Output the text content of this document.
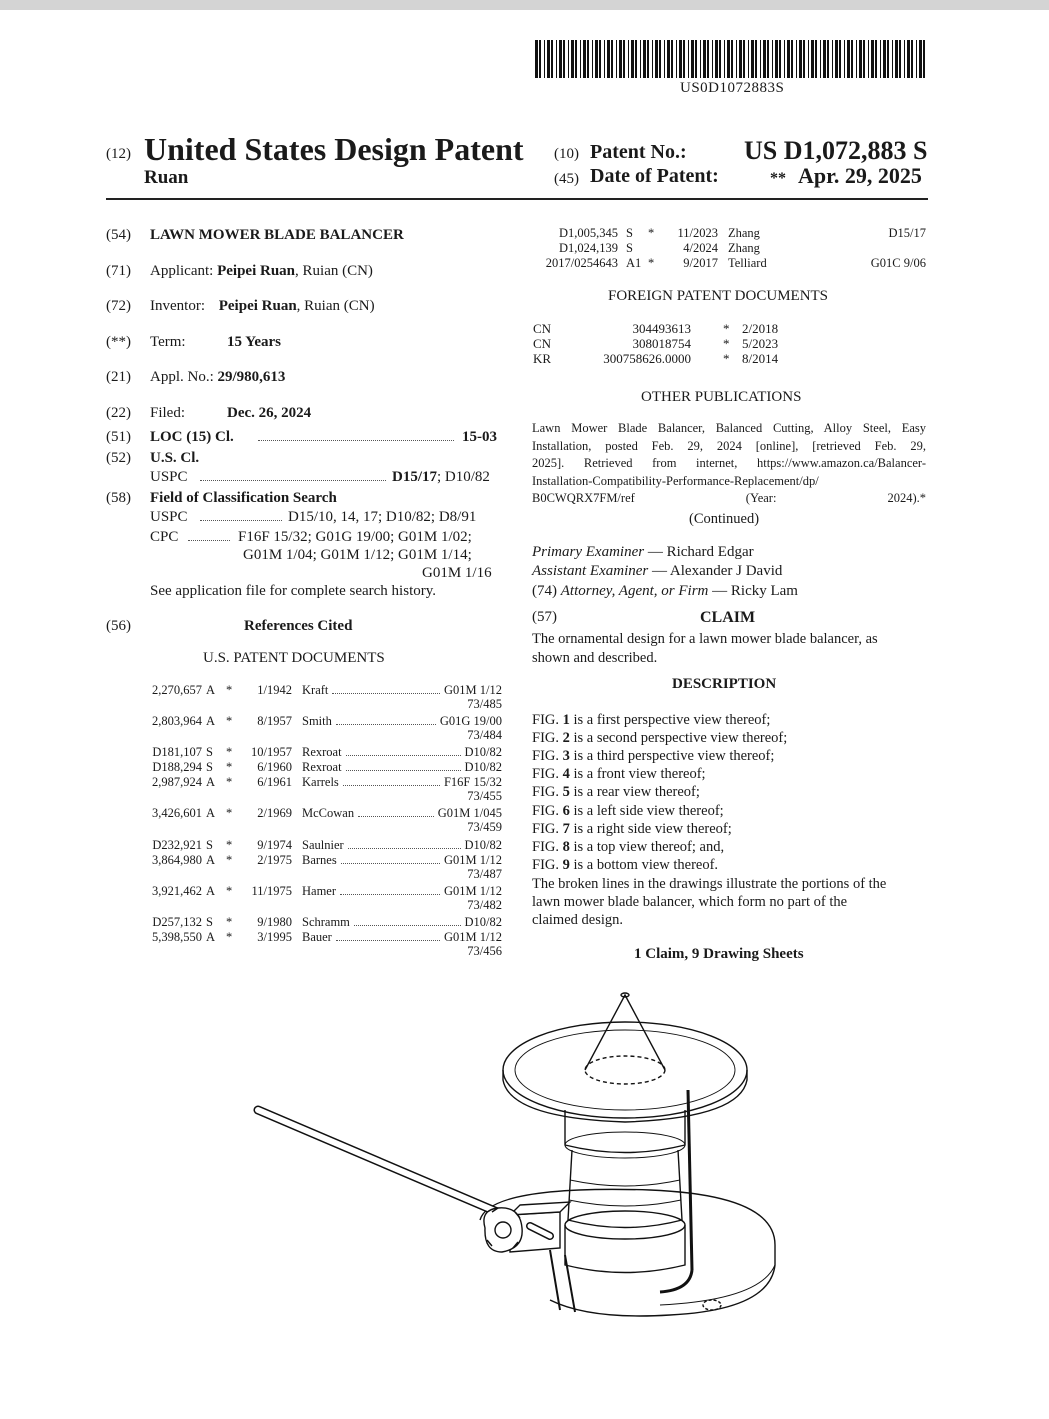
US0D1072883S
(12) United States Design Patent
Ruan
(10) Patent No.: US D1,072,883 S
(45) Date of Patent:	** Apr. 29, 2025
(54) LAWN MOWER BLADE BALANCER
(71) Applicant: Peipei Ruan, Ruian (CN)
(72) Inventor: Peipei Ruan, Ruian (CN)
(**) Term:	15 Years
(21) Appl. No.: 29/980,613
(22) Filed:	Dec. 26, 2024
(51) LOC (15) Cl.	15-03
(52) U.S. Cl.
USPC	D15/17; D10/82
(58) Field of Classification Search
USPC	D15/10, 14, 17; D10/82; D8/91
CPC	F16F 15/32; G01G 19/00; G01M 1/02;
G01M 1/04; G01M 1/12; G01M 1/14;
G01M 1/16
See application file for complete search history.
(56)	References Cited
U.S. PATENT DOCUMENTS
2,270,657 A *	1/1942 Kraft	G01M 1/12
73/485
2,803,964 A *	8/1957 Smith	G01G 19/00
73/484
D181,107 S *	10/1957 Rexroat	D10/82
D188,294 S *	6/1960 Rexroat	D10/82
2,987,924 A *	6/1961 Karrels	F16F 15/32
73/455
3,426,601 A *	2/1969 McCowan	G01M 1/045
73/459
D232,921 S *	9/1974 Saulnier	D10/82
3,864,980 A *	2/1975 Barnes	G01M 1/12
73/487
3,921,462 A *	11/1975 Hamer	G01M 1/12
73/482
D257,132 S *	9/1980 Schramm	D10/82
5,398,550 A *	3/1995 Bauer	G01M 1/12
73/456
D1,005,345 S *	11/2023 Zhang	D15/17
D1,024,139 S	4/2024 Zhang
2017/0254643 A1 *	9/2017 Telliard	G01C 9/06
FOREIGN PATENT DOCUMENTS
CN	304493613 * 2/2018
CN	308018754 * 5/2023
KR	300758626.0000 * 8/2014
OTHER PUBLICATIONS
Lawn Mower Blade Balancer, Balanced Cutting, Alloy Steel, Easy
Installation, posted Feb. 29, 2024 [online], [retrieved Feb. 29,
2025]. Retrieved from internet, https://www.amazon.ca/Balancer-
Installation-Compatibility-Performance-Replacement/dp/
B0CWQRX7FM/ref (Year: 2024).*
(Continued)
Primary Examiner — Richard Edgar
Assistant Examiner — Alexander J David
(74) Attorney, Agent, or Firm — Ricky Lam
(57)	CLAIM
The ornamental design for a lawn mower blade balancer, as
shown and described.
DESCRIPTION
FIG. 1 is a first perspective view thereof;
FIG. 2 is a second perspective view thereof;
FIG. 3 is a third perspective view thereof;
FIG. 4 is a front view thereof;
FIG. 5 is a rear view thereof;
FIG. 6 is a left side view thereof;
FIG. 7 is a right side view thereof;
FIG. 8 is a top view thereof; and,
FIG. 9 is a bottom view thereof.
The broken lines in the drawings illustrate the portions of the
lawn mower blade balancer, which form no part of the
claimed design.
1 Claim, 9 Drawing Sheets
